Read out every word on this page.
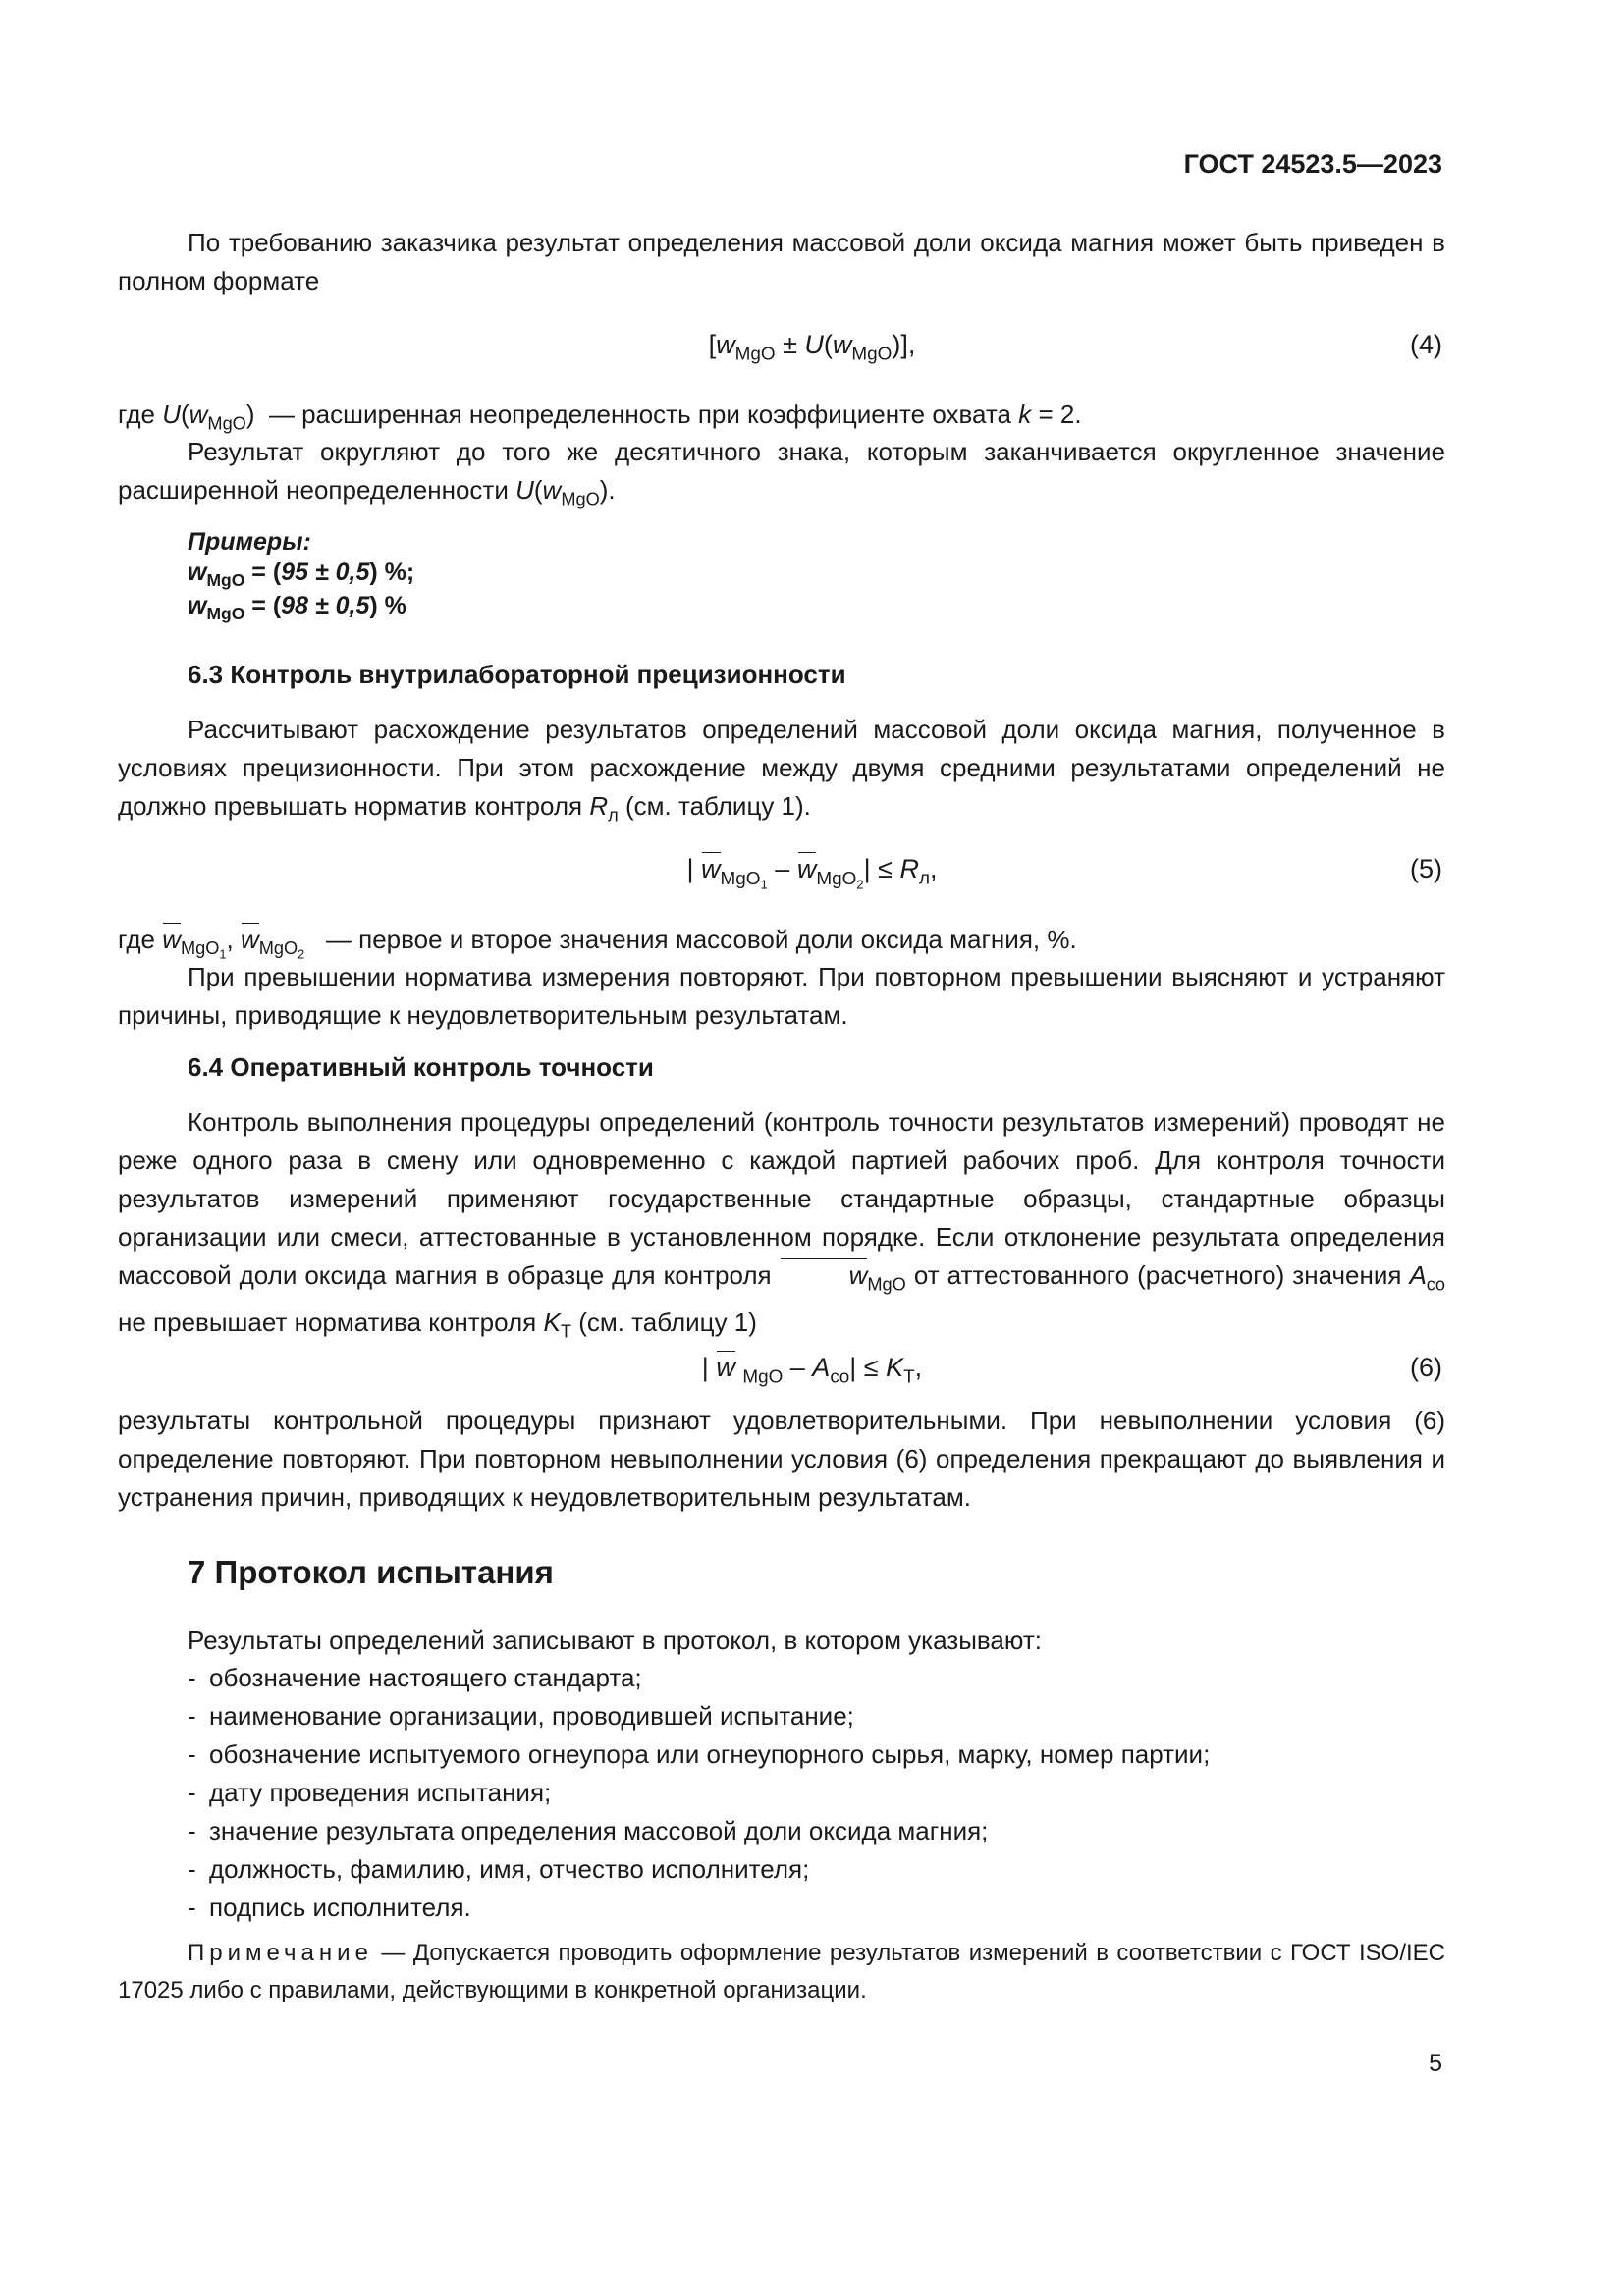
ГОСТ 24523.5—2023
По требованию заказчика результат определения массовой доли оксида магния может быть приведен в полном формате
$[w_{MgO} \pm U(w_{MgO})]$,	(4)
где $U(w_{MgO})$  — расширенная неопределенность при коэффициенте охвата k = 2.
Результат округляют до того же десятичного знака, которым заканчивается округленное значение расширенной неопределенности $U(w_{MgO})$.
Примеры:
$w_{MgO} = (95 \pm 0,5)$ %;
$w_{MgO} = (98 \pm 0,5)$ %
6.3 Контроль внутрилабораторной прецизионности
Рассчитывают расхождение результатов определений массовой доли оксида магния, полученное в условиях прецизионности. При этом расхождение между двумя средними результатами определений не должно превышать норматив контроля $R_л$ (см. таблицу 1).
| $w_{MgO_1} - w_{MgO_2}| \le R_л$,	(5)
где $w_{MgO_1}$, $w_{MgO_2}$   — первое и второе значения массовой доли оксида магния, %.
При превышении норматива измерения повторяют. При повторном превышении выясняют и устраняют причины, приводящие к неудовлетворительным результатам.
6.4 Оперативный контроль точности
Контроль выполнения процедуры определений (контроль точности результатов измерений) проводят не реже одного раза в смену или одновременно с каждой партией рабочих проб. Для контроля точности результатов измерений применяют государственные стандартные образцы, стандартные образцы организации или смеси, аттестованные в установленном порядке. Если отклонение результата определения массовой доли оксида магния в образце для контроля	$w_{MgO}$ от аттестованного (расчетного) значения $A_{co}$ не превышает норматива контроля $K_T$ (см. таблицу 1)
| w $_{MgO} - A_{co}| \le K_T$,	(6)
результаты контрольной процедуры признают удовлетворительными. При невыполнении условия (6) определение повторяют. При повторном невыполнении условия (6) определения прекращают до выявления и устранения причин, приводящих к неудовлетворительным результатам.
7 Протокол испытания
Результаты определений записывают в протокол, в котором указывают:
- обозначение настоящего стандарта;
- наименование организации, проводившей испытание;
- обозначение испытуемого огнеупора или огнеупорного сырья, марку, номер партии;
- дату проведения испытания;
- значение результата определения массовой доли оксида магния;
- должность, фамилию, имя, отчество исполнителя;
- подпись исполнителя.
Примечание — Допускается проводить оформление результатов измерений в соответствии с ГОСТ ISO/IEC 17025 либо с правилами, действующими в конкретной организации.
5
